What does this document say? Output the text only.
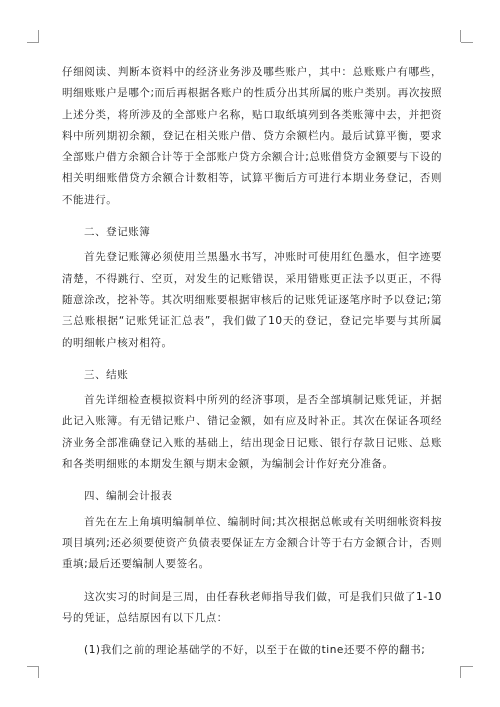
仔细阅读、判断本资料中的经济业务涉及哪些账户，其中：总账账户有哪些，明细账账户是哪个;而后再根据各账户的性质分出其所属的账户类别。再次按照上述分类，将所涉及的全部账户名称，贴口取纸填列到各类账簿中去，并把资料中所列期初余额，登记在相关账户借、贷方余额栏内。最后试算平衡，要求全部账户借方余额合计等于全部账户贷方余额合计;总账借贷方金额要与下设的相关明细账借贷方余额合计数相等，试算平衡后方可进行本期业务登记，否则不能进行。

二、登记账簿

首先登记账簿必须使用兰黑墨水书写，冲账时可使用红色墨水，但字迹要清楚，不得跳行、空页，对发生的记账错误，采用错账更正法予以更正，不得随意涂改，挖补等。其次明细账要根据审核后的记账凭证逐笔序时予以登记;第三总账根据“记账凭证汇总表”，我们做了10天的登记，登记完毕要与其所属的明细帐户核对相符。

三、结账

首先详细检查模拟资料中所列的经济事项，是否全部填制记账凭证，并据此记入账簿。有无错记账户、错记金额，如有应及时补正。其次在保证各项经济业务全部准确登记入账的基础上，结出现金日记账、银行存款日记账、总账和各类明细账的本期发生额与期末金额，为编制会计作好充分准备。

四、编制会计报表

首先在左上角填明编制单位、编制时间;其次根据总帐或有关明细帐资料按项目填列;还必须要使资产负债表要保证左方金额合计等于右方金额合计，否则重填;最后还要编制人要签名。

这次实习的时间是三周，由任春秋老师指导我们做，可是我们只做了1-10号的凭证，总结原因有以下几点：

(1)我们之前的理论基础学的不好，以至于在做的tine还要不停的翻书;
